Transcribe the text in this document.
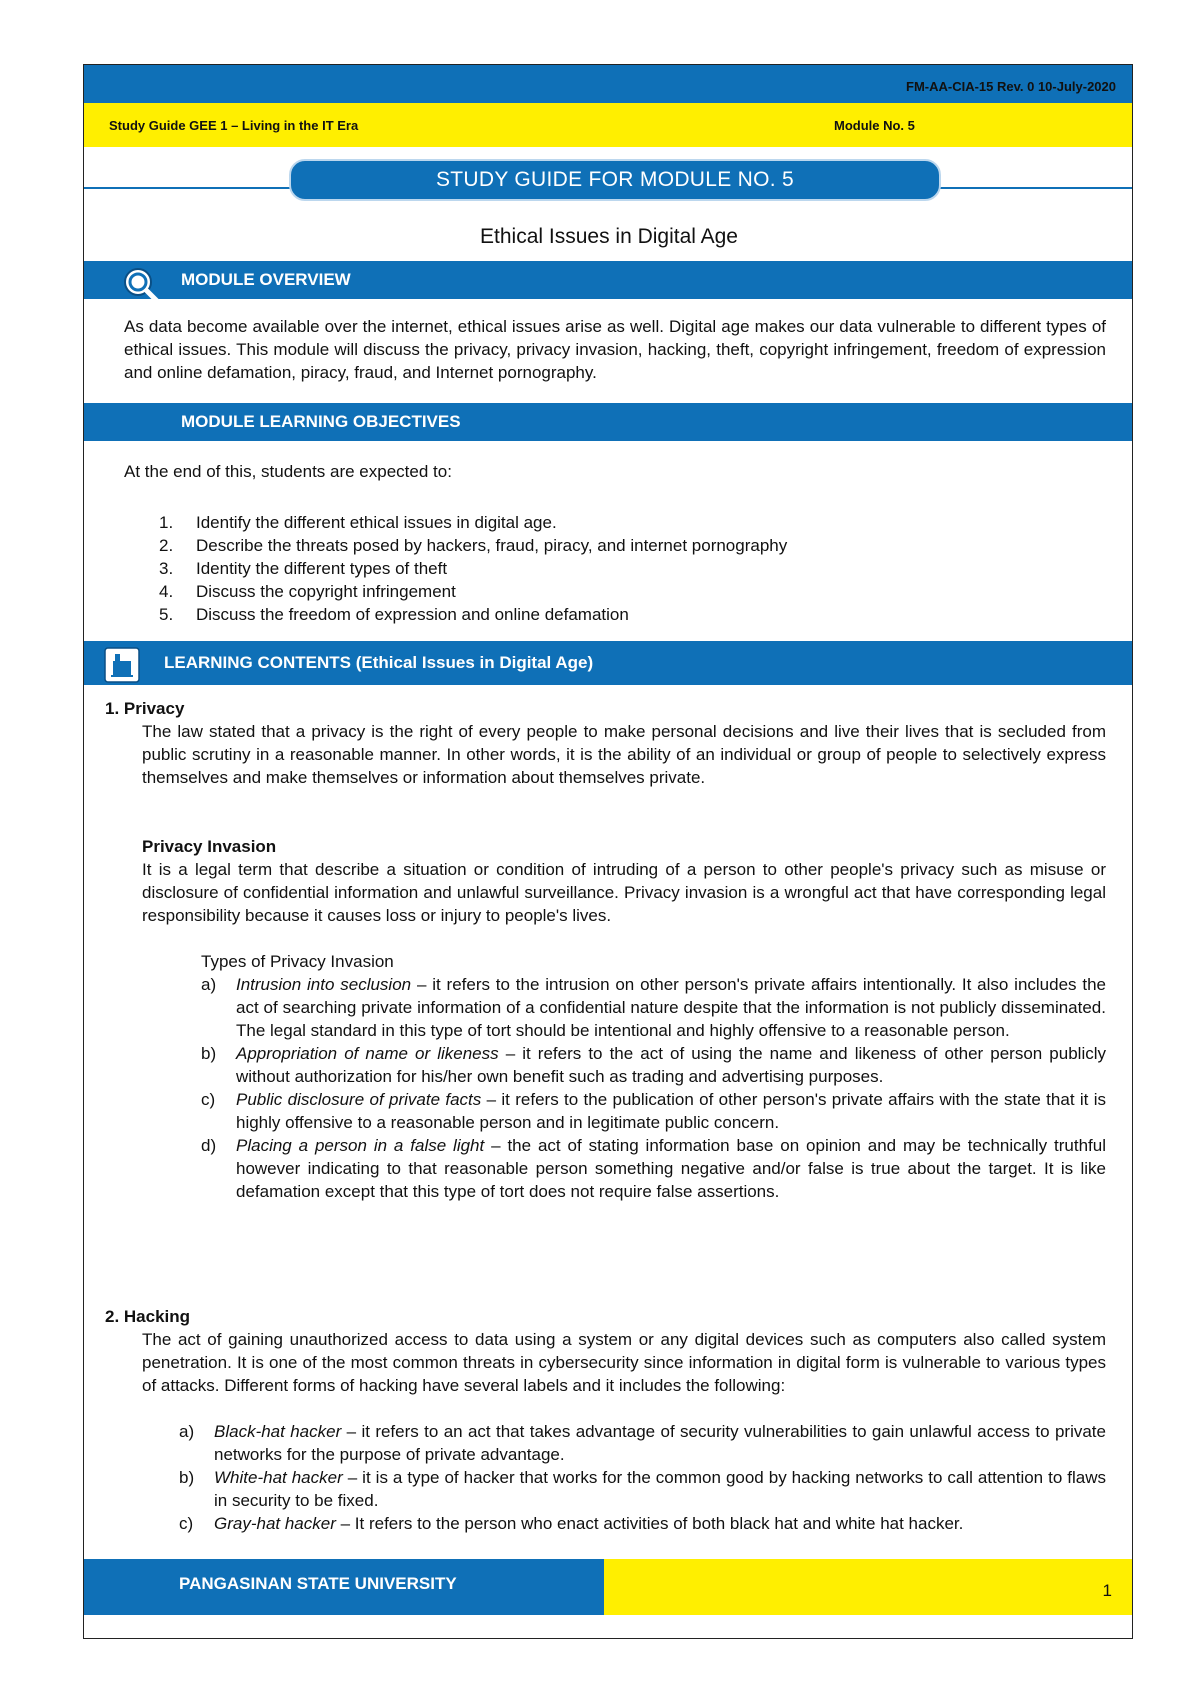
FM-AA-CIA-15 Rev. 0 10-July-2020
Study Guide GEE 1 – Living in the IT Era	Module No. 5
STUDY GUIDE FOR MODULE NO. 5
Ethical Issues in Digital Age
MODULE OVERVIEW
As data become available over the internet, ethical issues arise as well. Digital age makes our data vulnerable to different types of ethical issues. This module will discuss the privacy, privacy invasion, hacking, theft, copyright infringement, freedom of expression and online defamation, piracy, fraud, and Internet pornography.
MODULE LEARNING OBJECTIVES
At the end of this, students are expected to:
1.	Identify the different ethical issues in digital age.
2.	Describe the threats posed by hackers, fraud, piracy, and internet pornography
3.	Identity the different types of theft
4.	Discuss the copyright infringement
5.	Discuss the freedom of expression and online defamation
LEARNING CONTENTS (Ethical Issues in Digital Age)
1. Privacy
The law stated that a privacy is the right of every people to make personal decisions and live their lives that is secluded from public scrutiny in a reasonable manner. In other words, it is the ability of an individual or group of people to selectively express themselves and make themselves or information about themselves private.
Privacy Invasion
It is a legal term that describe a situation or condition of intruding of a person to other people's privacy such as misuse or disclosure of confidential information and unlawful surveillance. Privacy invasion is a wrongful act that have corresponding legal responsibility because it causes loss or injury to people's lives.
Types of Privacy Invasion
a)	Intrusion into seclusion – it refers to the intrusion on other person's private affairs intentionally. It also includes the act of searching private information of a confidential nature despite that the information is not publicly disseminated. The legal standard in this type of tort should be intentional and highly offensive to a reasonable person.
b)	Appropriation of name or likeness – it refers to the act of using the name and likeness of other person publicly without authorization for his/her own benefit such as trading and advertising purposes.
c)	Public disclosure of private facts – it refers to the publication of other person's private affairs with the state that it is highly offensive to a reasonable person and in legitimate public concern.
d)	Placing a person in a false light – the act of stating information base on opinion and may be technically truthful however indicating to that reasonable person something negative and/or false is true about the target. It is like defamation except that this type of tort does not require false assertions.
2. Hacking
The act of gaining unauthorized access to data using a system or any digital devices such as computers also called system penetration. It is one of the most common threats in cybersecurity since information in digital form is vulnerable to various types of attacks. Different forms of hacking have several labels and it includes the following:
a)	Black-hat hacker – it refers to an act that takes advantage of security vulnerabilities to gain unlawful access to private networks for the purpose of private advantage.
b)	White-hat hacker – it is a type of hacker that works for the common good by hacking networks to call attention to flaws in security to be fixed.
c)	Gray-hat hacker – It refers to the person who enact activities of both black hat and white hat hacker.
PANGASINAN STATE UNIVERSITY	1
